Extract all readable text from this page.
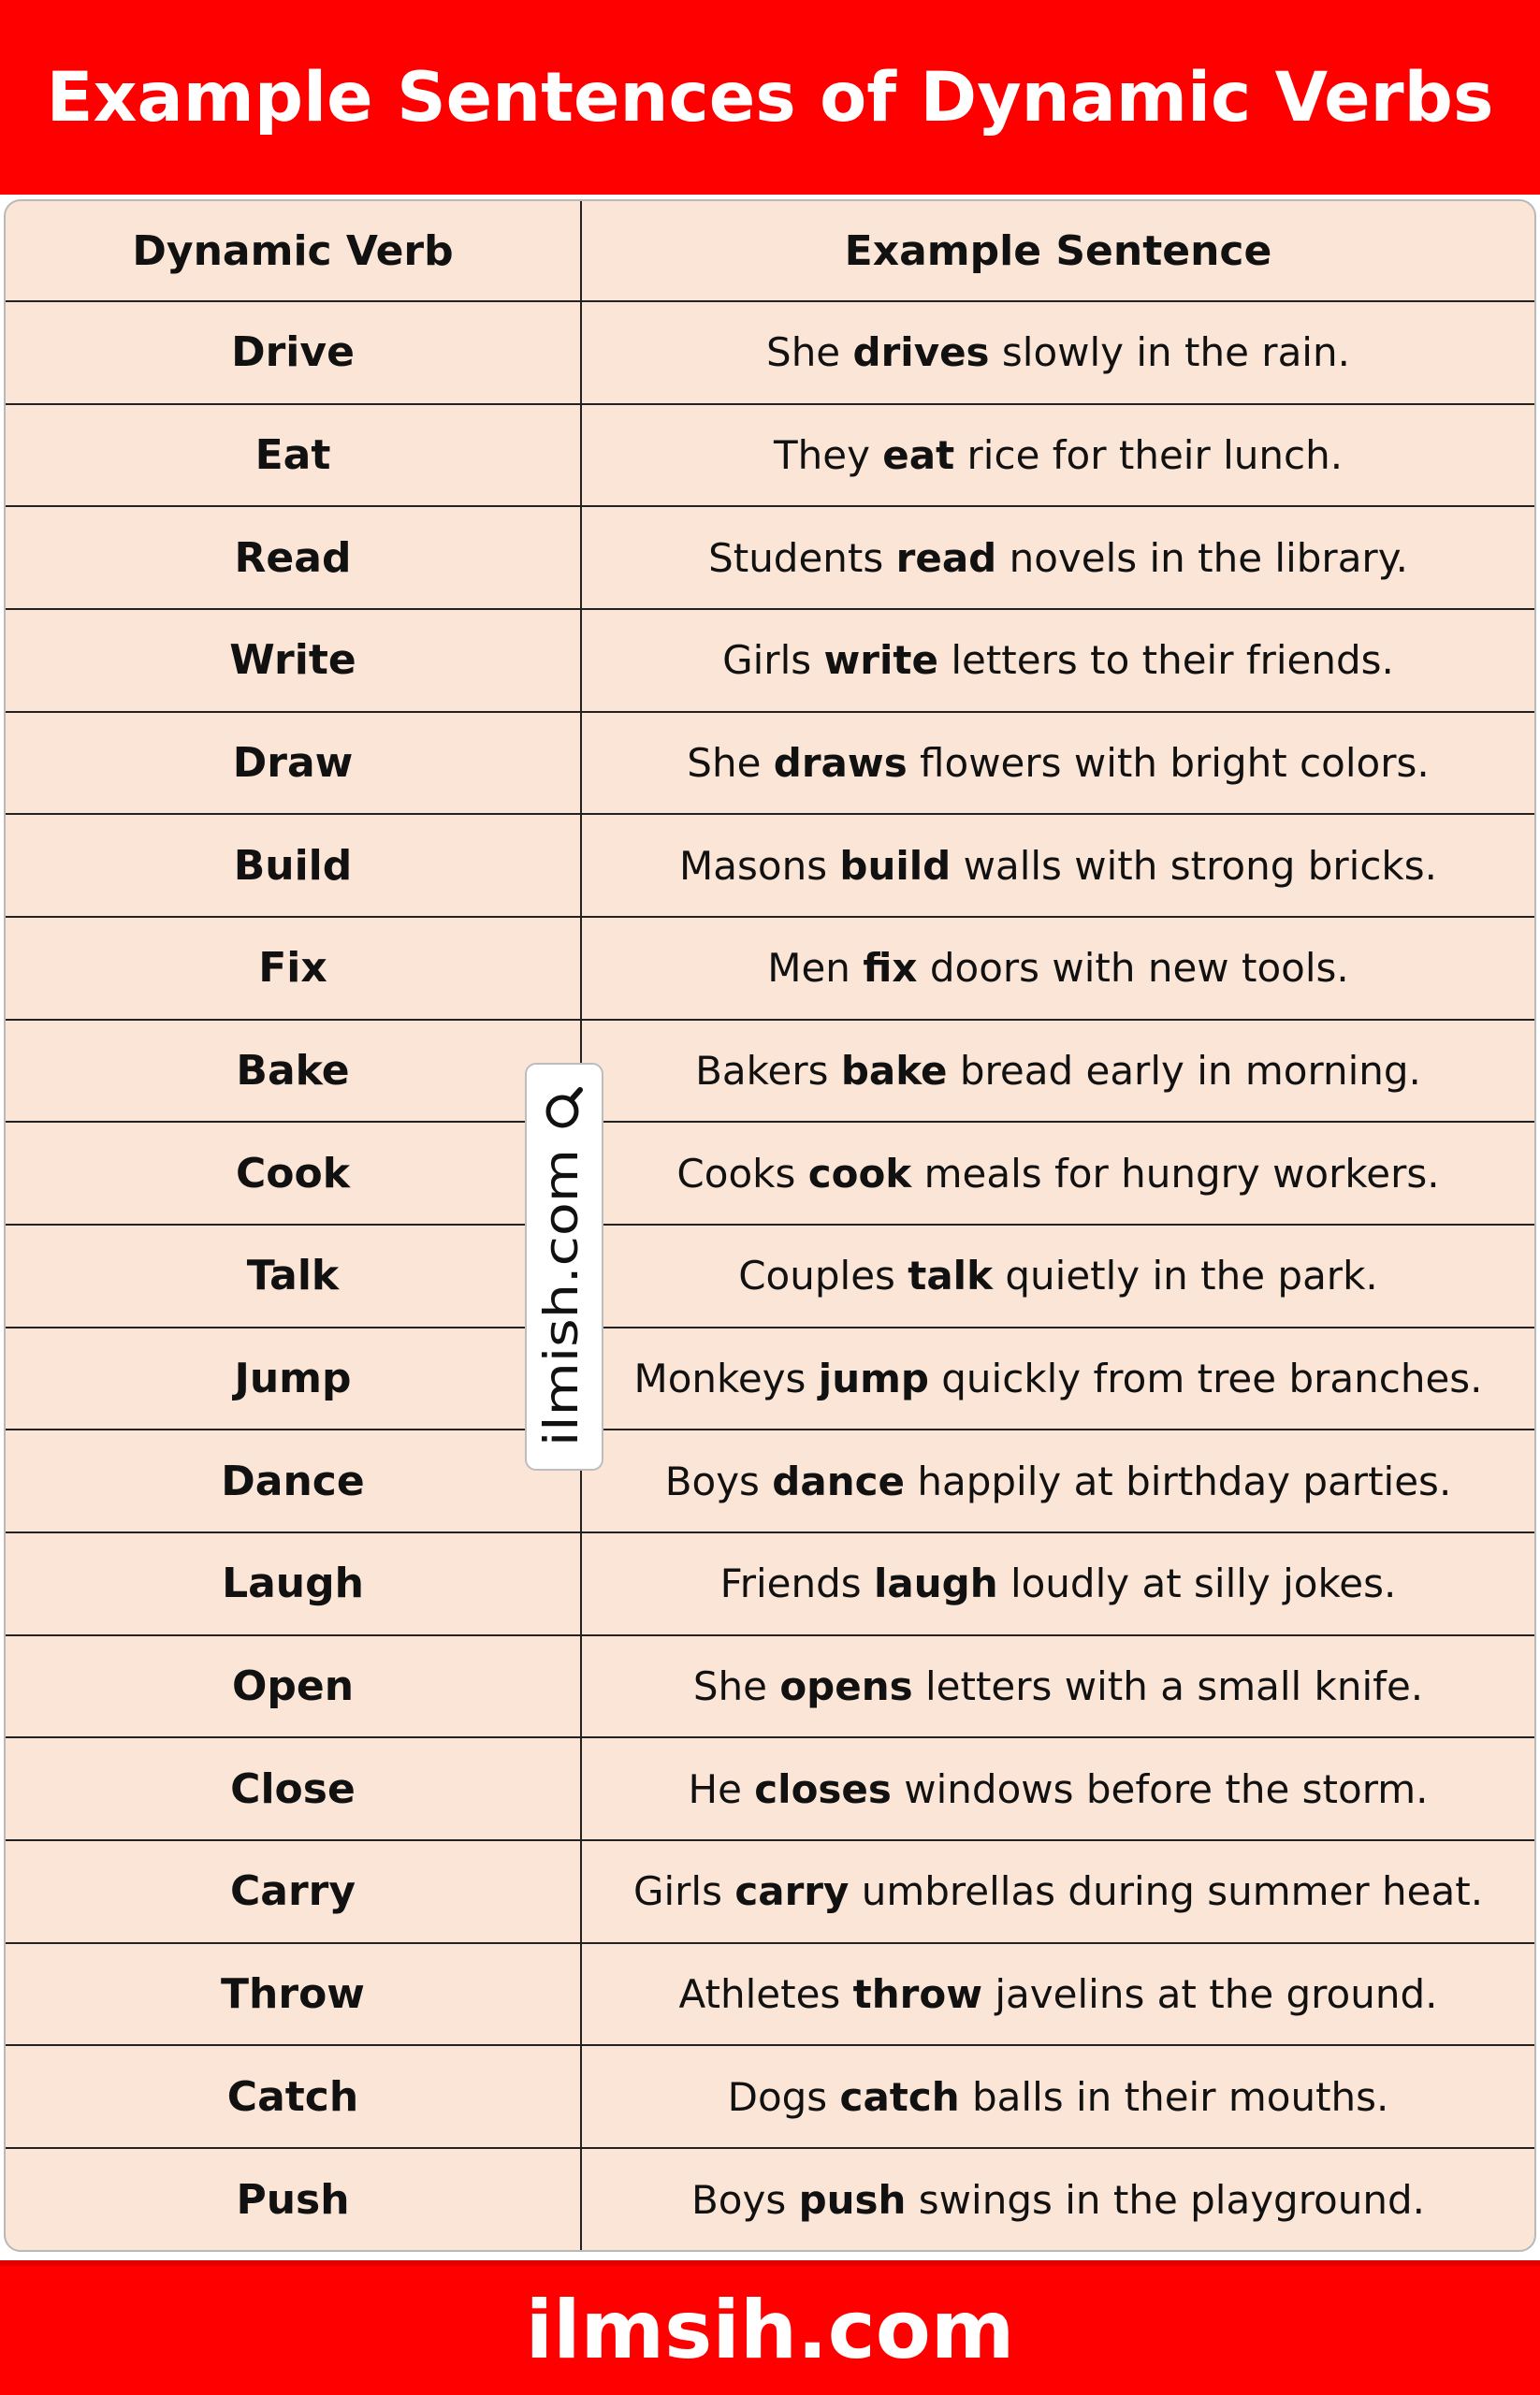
Example Sentences of Dynamic Verbs
Dynamic Verb	Example Sentence
Drive	She drives slowly in the rain.
Eat	They eat rice for their lunch.
Read	Students read novels in the library.
Write	Girls write letters to their friends.
Draw	She draws flowers with bright colors.
Build	Masons build walls with strong bricks.
Fix	Men fix doors with new tools.
Bake	Bakers bake bread early in morning.
Cook	Cooks cook meals for hungry workers.
Talk	Couples talk quietly in the park.
Jump	Monkeys jump quickly from tree branches.
Dance	Boys dance happily at birthday parties.
Laugh	Friends laugh loudly at silly jokes.
Open	She opens letters with a small knife.
Close	He closes windows before the storm.
Carry	Girls carry umbrellas during summer heat.
Throw	Athletes throw javelins at the ground.
Catch	Dogs catch balls in their mouths.
Push	Boys push swings in the playground.
ilmish.com
ilmsih.com
